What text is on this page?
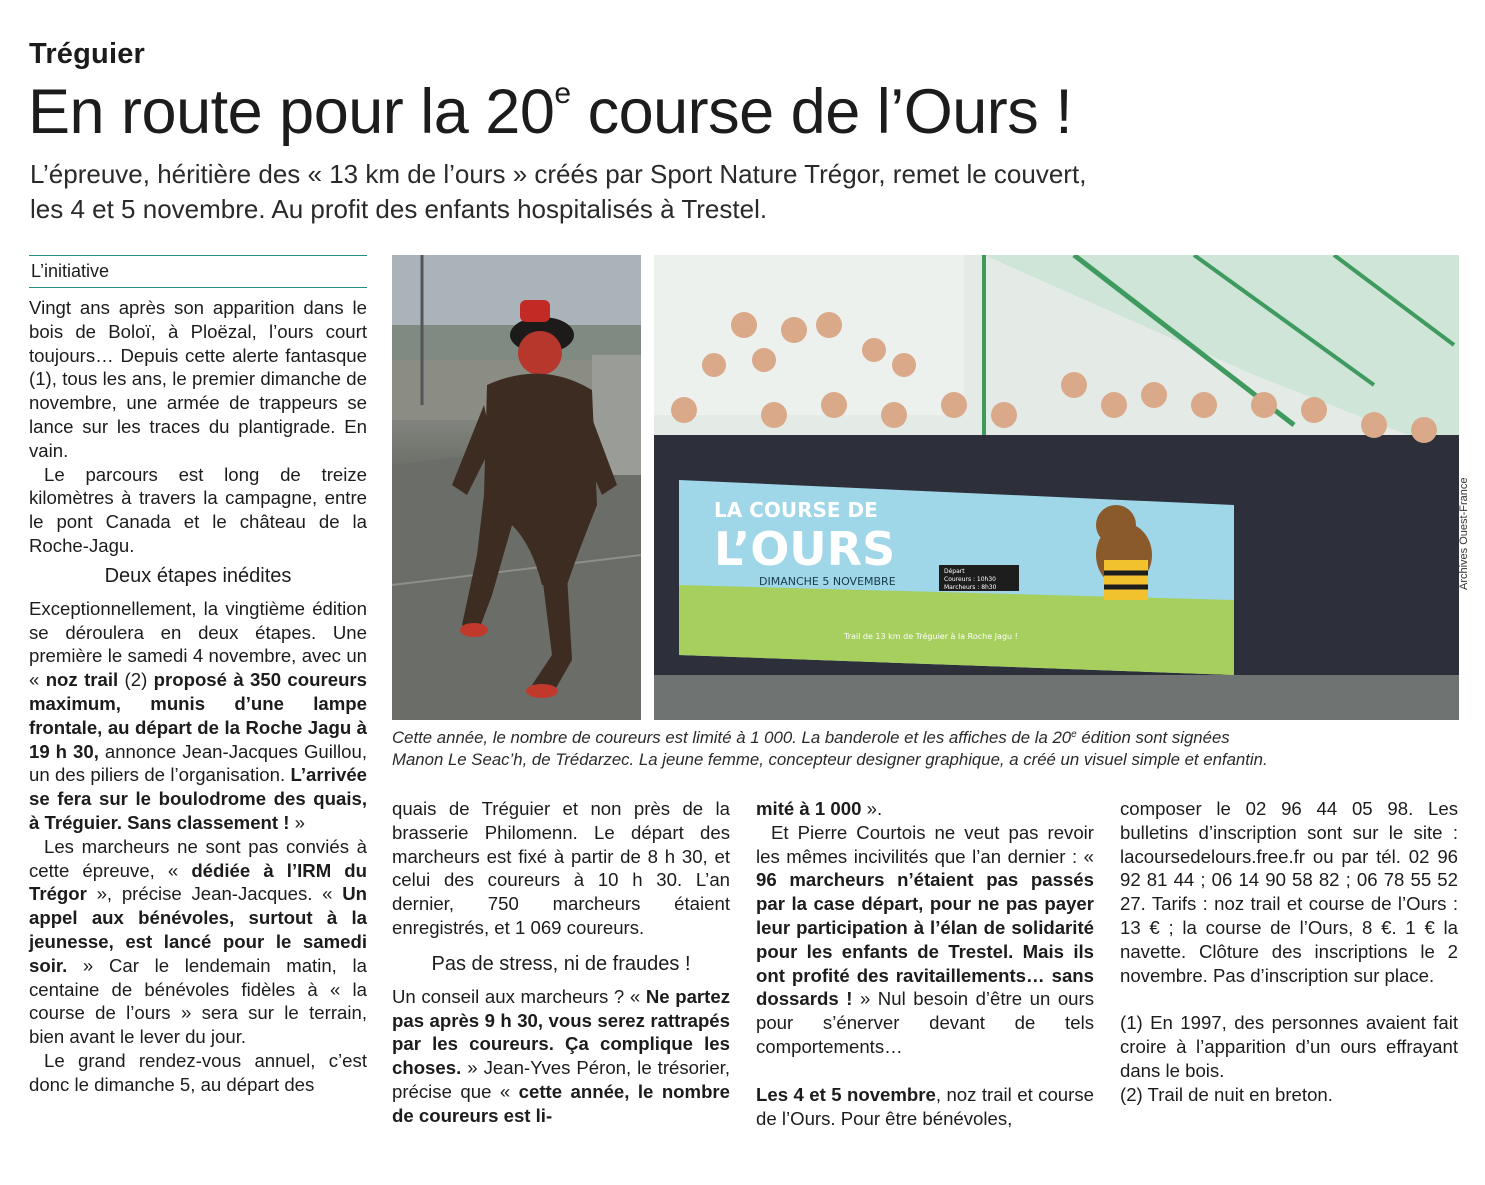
Tréguier
En route pour la 20e course de l’Ours !
L’épreuve, héritière des « 13 km de l’ours » créés par Sport Nature Trégor, remet le couvert,
les 4 et 5 novembre. Au profit des enfants hospitalisés à Trestel.
L’initiative
LA COURSE DE
L’OURS
DIMANCHE 5 NOVEMBRE
Départ
Coureurs : 10h30
Marcheurs : 8h30
Trail de 13 km de Tréguier à la Roche Jagu !
Archives Ouest-France
Cette année, le nombre de coureurs est limité à 1 000. La banderole et les affiches de la 20e édition sont signées
Manon Le Seac’h, de Trédarzec. La jeune femme, concepteur designer graphique, a créé un visuel simple et enfantin.

Vingt ans après son apparition dans le bois de Boloï, à Ploëzal, l’ours court toujours… Depuis cette alerte fantasque (1), tous les ans, le premier dimanche de novembre, une armée de trappeurs se lance sur les traces du plantigrade. En vain.

Le parcours est long de treize kilomètres à travers la campagne, entre le pont Canada et le château de la Roche-Jagu.

Deux étapes inédites

Exceptionnellement, la vingtième édition se déroulera en deux étapes. Une première le samedi 4 novembre, avec un « noz trail (2) proposé à 350 coureurs maximum, munis d’une lampe frontale, au départ de la Roche Jagu à 19 h 30, annonce Jean-Jacques Guillou, un des piliers de l’organisation. L’arrivée se fera sur le boulodrome des quais, à Tréguier. Sans classement ! »

Les marcheurs ne sont pas conviés à cette épreuve, « dédiée à l’IRM du Trégor », précise Jean-Jacques. « Un appel aux bénévoles, surtout à la jeunesse, est lancé pour le samedi soir. » Car le lendemain matin, la centaine de bénévoles fidèles à « la course de l’ours » sera sur le terrain, bien avant le lever du jour.

Le grand rendez-vous annuel, c’est donc le dimanche 5, au départ des

quais de Tréguier et non près de la brasserie Philomenn. Le départ des marcheurs est fixé à partir de 8 h 30, et celui des coureurs à 10 h 30. L’an dernier, 750 marcheurs étaient enregistrés, et 1 069 coureurs.

Pas de stress, ni de fraudes !

Un conseil aux marcheurs ? « Ne partez pas après 9 h 30, vous serez rattrapés par les coureurs. Ça complique les choses. » Jean-Yves Péron, le trésorier, précise que « cette année, le nombre de coureurs est li-

mité à 1 000 ».

Et Pierre Courtois ne veut pas revoir les mêmes incivilités que l’an dernier : « 96 marcheurs n’étaient pas passés par la case départ, pour ne pas payer leur participation à l’élan de solidarité pour les enfants de Trestel. Mais ils ont profité des ravitaillements… sans dossards ! » Nul besoin d’être un ours pour s’énerver devant de tels comportements…

Les 4 et 5 novembre, noz trail et course de l’Ours. Pour être bénévoles,

composer le 02 96 44 05 98. Les bulletins d’inscription sont sur le site : lacoursedelours.free.fr ou par tél. 02 96 92 81 44 ; 06 14 90 58 82 ; 06 78 55 52 27. Tarifs : noz trail et course de l’Ours : 13 € ; la course de l’Ours, 8 €. 1 € la navette. Clôture des inscriptions le 2 novembre. Pas d’inscription sur place.

(1) En 1997, des personnes avaient fait croire à l’apparition d’un ours effrayant dans le bois.

(2) Trail de nuit en breton.
